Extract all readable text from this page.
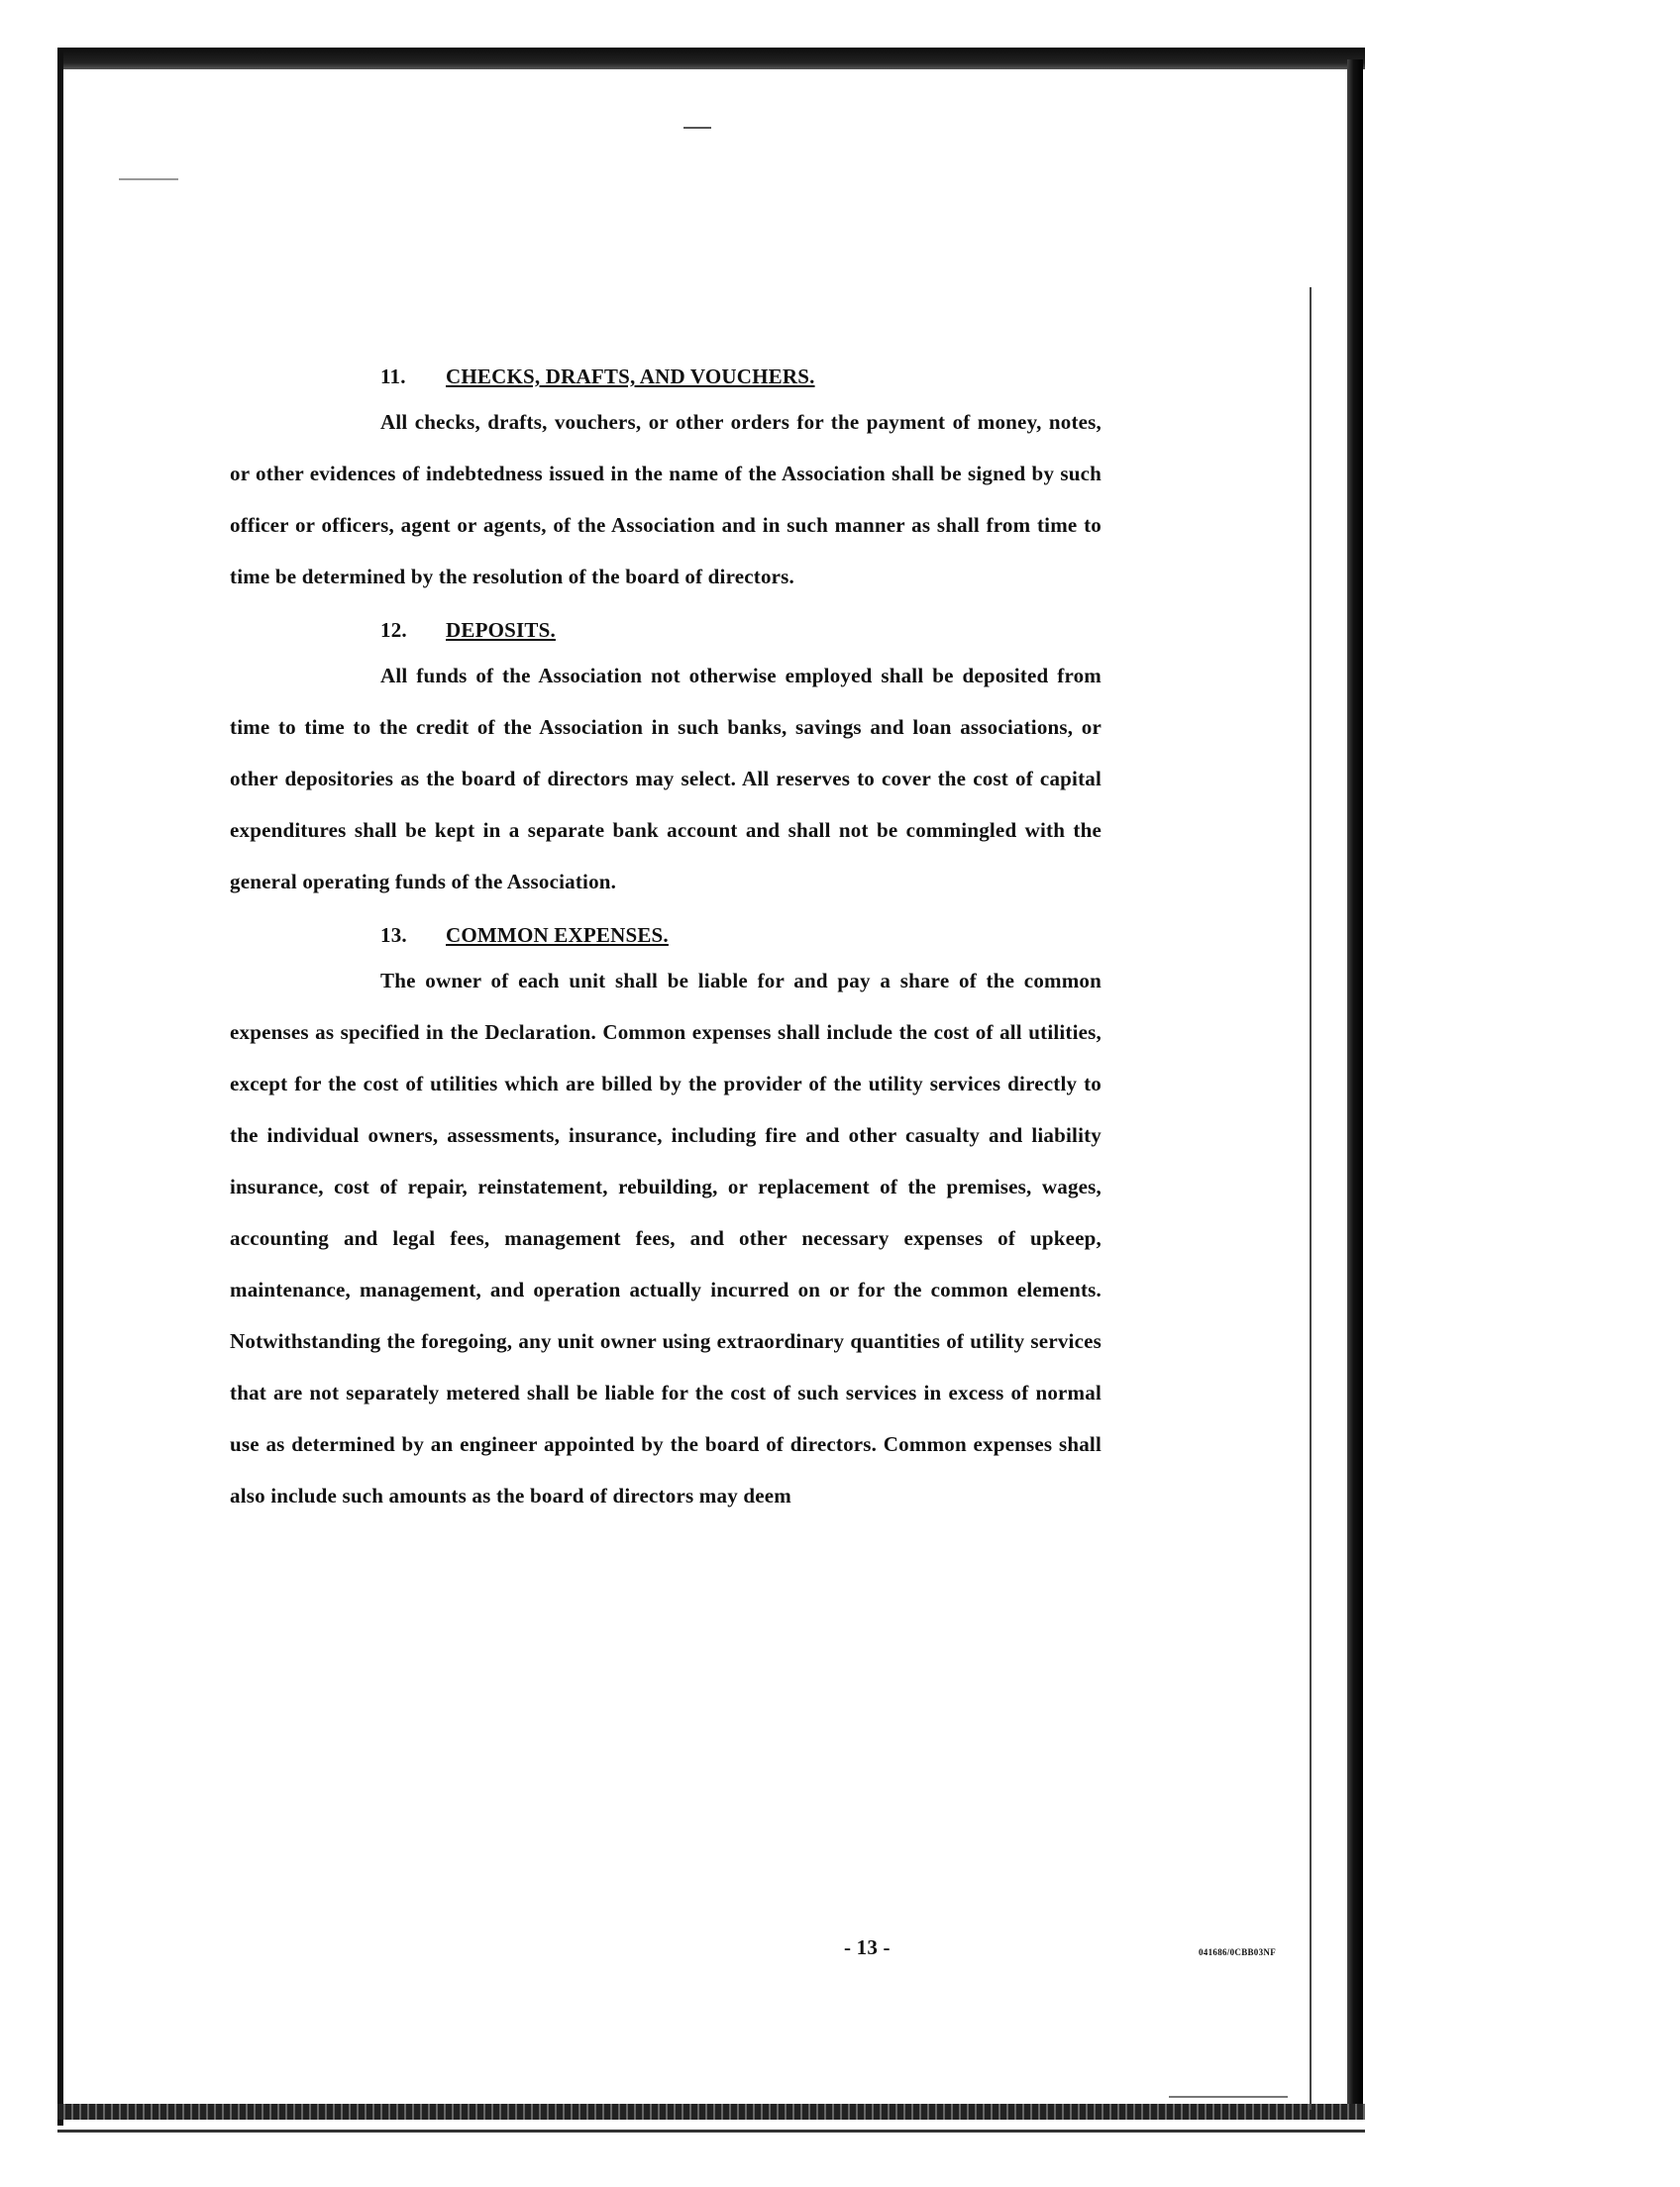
11. CHECKS, DRAFTS, AND VOUCHERS.

All checks, drafts, vouchers, or other orders for the payment of money, notes, or other evidences of indebtedness issued in the name of the Association shall be signed by such officer or officers, agent or agents, of the Association and in such manner as shall from time to time be determined by the resolution of the board of directors.

12. DEPOSITS.

All funds of the Association not otherwise employed shall be deposited from time to time to the credit of the Association in such banks, savings and loan associations, or other depositories as the board of directors may select. All reserves to cover the cost of capital expenditures shall be kept in a separate bank account and shall not be commingled with the general operating funds of the Association.

13. COMMON EXPENSES.

The owner of each unit shall be liable for and pay a share of the common expenses as specified in the Declaration. Common expenses shall include the cost of all utilities, except for the cost of utilities which are billed by the provider of the utility services directly to the individual owners, assessments, insurance, including fire and other casualty and liability insurance, cost of repair, reinstatement, rebuilding, or replacement of the premises, wages, accounting and legal fees, management fees, and other necessary expenses of upkeep, maintenance, management, and operation actually incurred on or for the common elements. Notwithstanding the foregoing, any unit owner using extraordinary quantities of utility services that are not separately metered shall be liable for the cost of such services in excess of normal use as determined by an engineer appointed by the board of directors. Common expenses shall also include such amounts as the board of directors may deem

- 13 -	041686/0CBB03NF
